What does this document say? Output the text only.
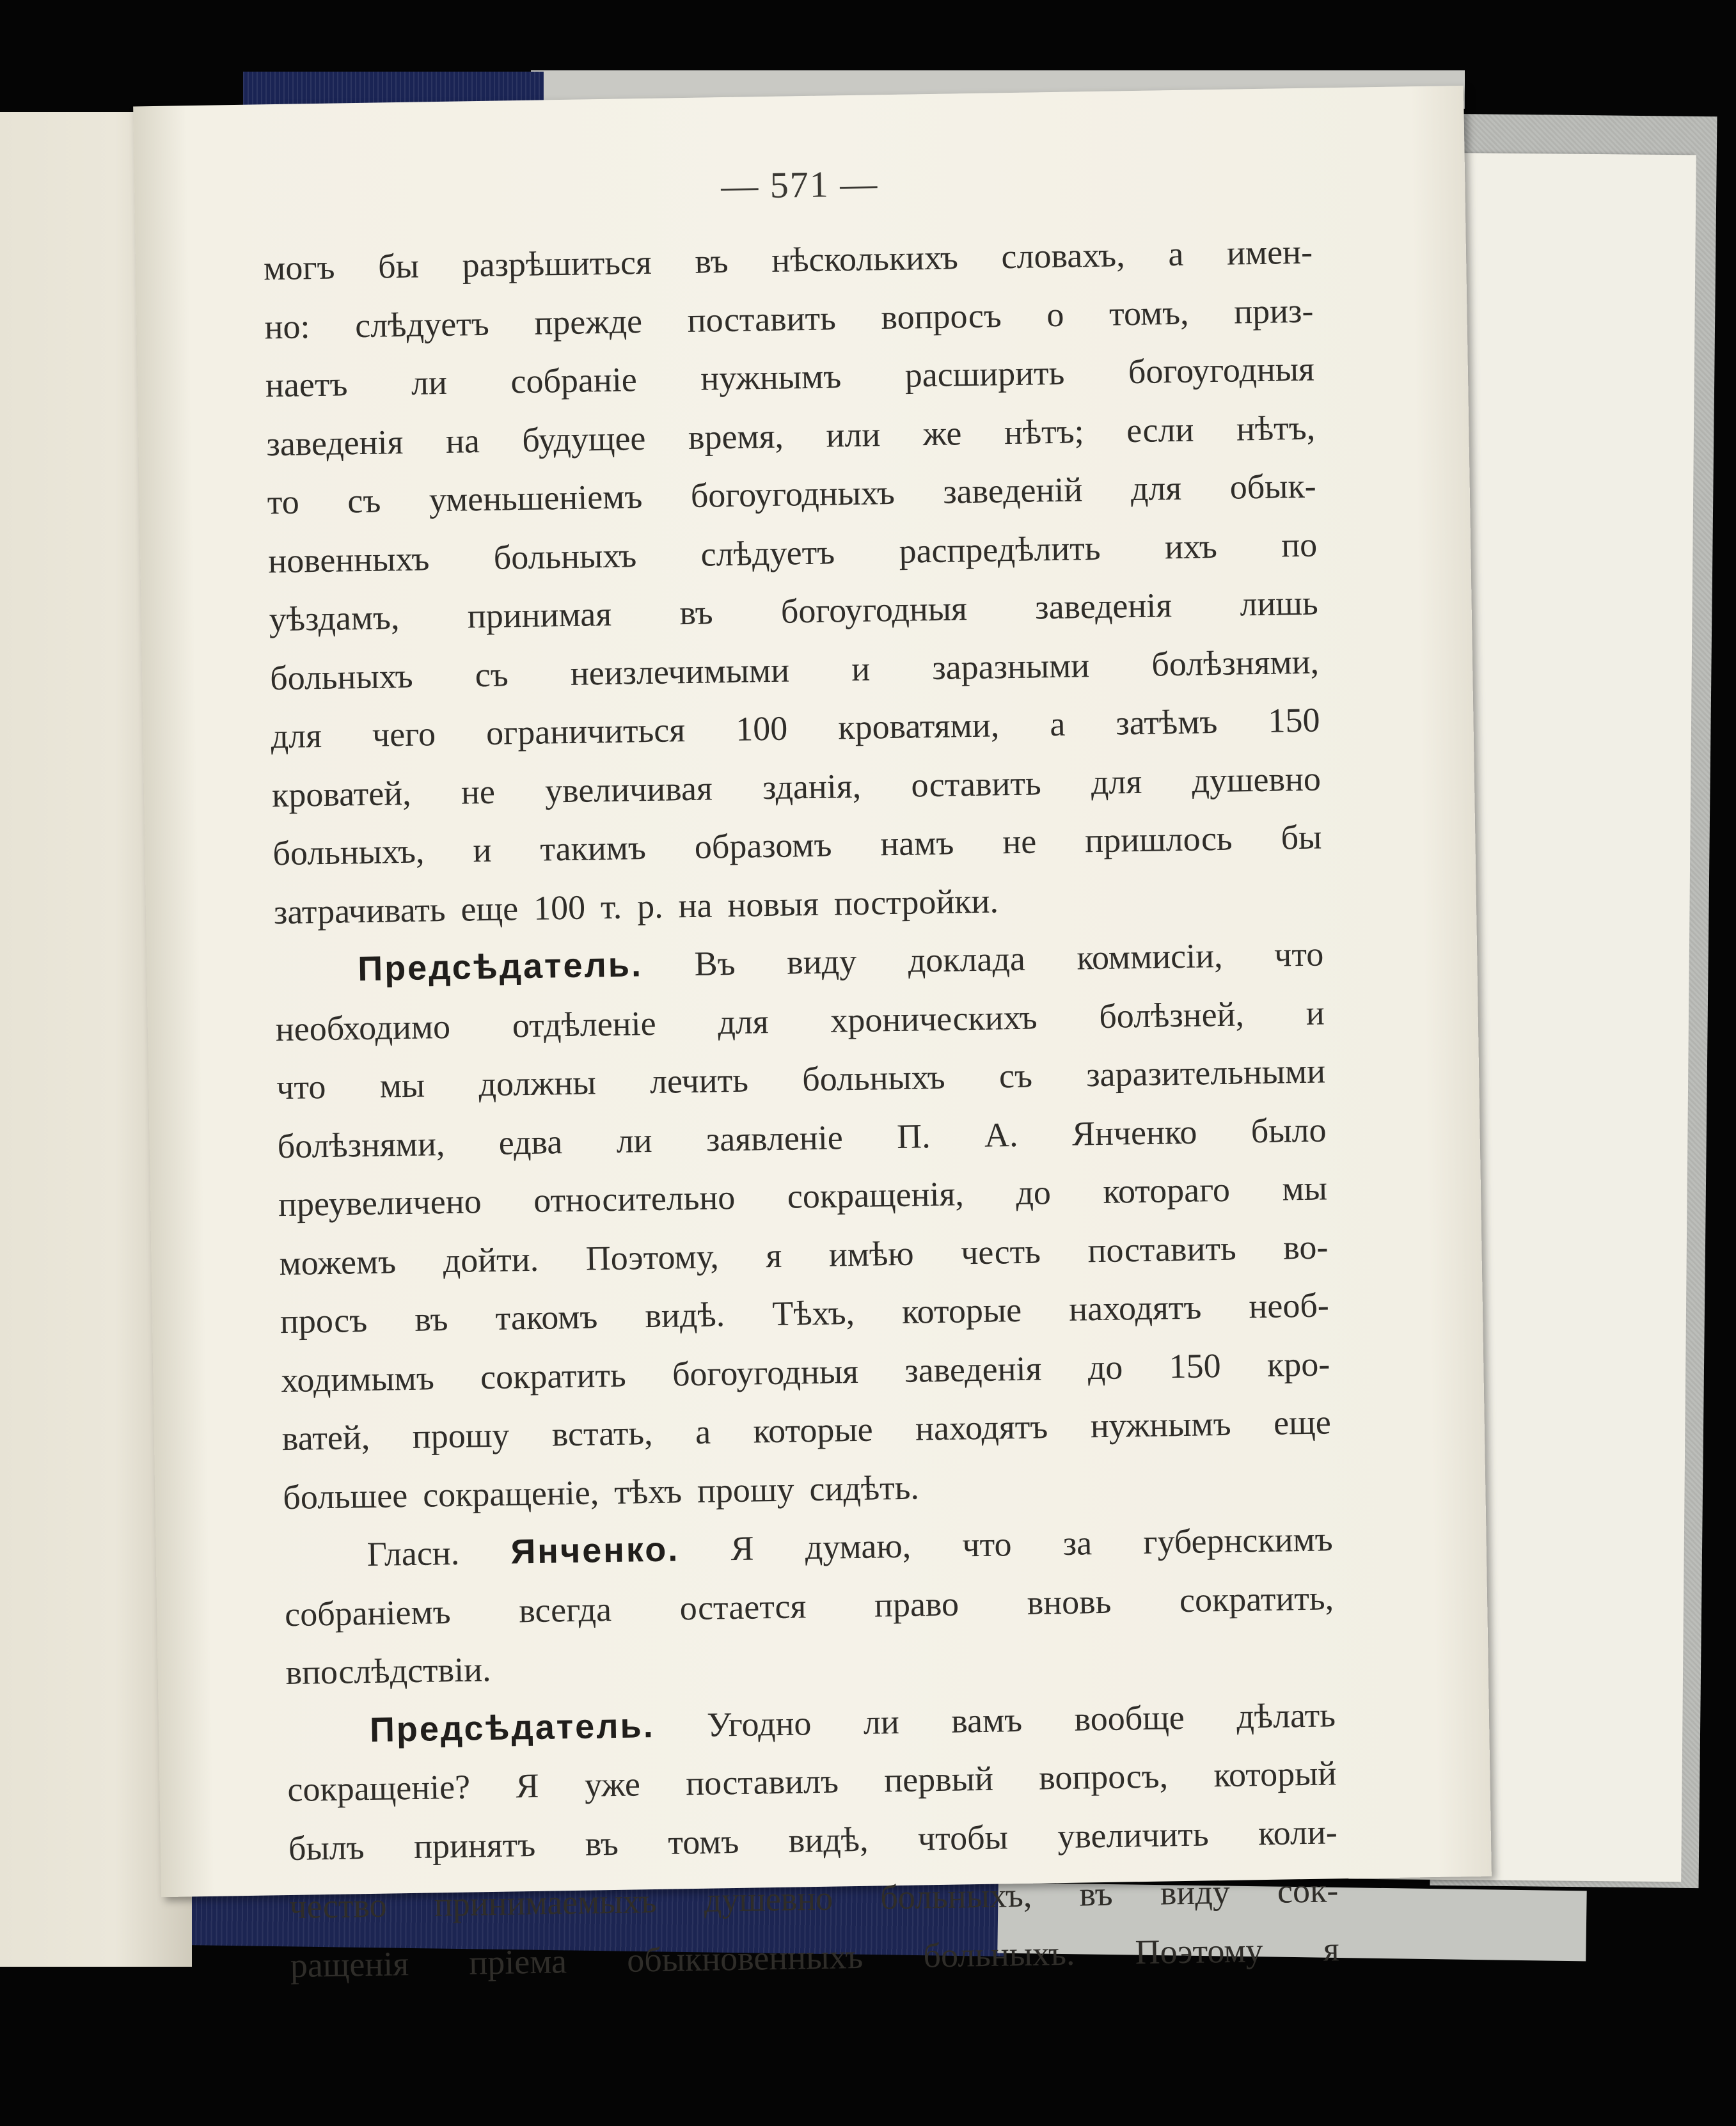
— 571 —
могъ бы разрѣшиться въ нѣсколькихъ словахъ, а имен-
но: слѣдуетъ прежде поставить вопросъ о томъ, приз-
наетъ ли собраніе нужнымъ расширить богоугодныя
заведенія на будущее время, или же нѣтъ; если нѣтъ,
то съ уменьшеніемъ богоугодныхъ заведеній для обык-
новенныхъ больныхъ слѣдуетъ распредѣлить ихъ по
уѣздамъ, принимая въ богоугодныя заведенія лишь
больныхъ съ неизлечимыми и заразными болѣзнями,
для чего ограничиться 100 кроватями, а затѣмъ 150
кроватей, не увеличивая зданія, оставить для душевно
больныхъ, и такимъ образомъ намъ не пришлось бы
затрачивать еще 100 т. р. на новыя постройки.
Предсѣдатель. Въ виду доклада коммисіи, что
необходимо отдѣленіе для хроническихъ болѣзней, и
что мы должны лечить больныхъ съ заразительными
болѣзнями, едва ли заявленіе П. А. Янченко было
преувеличено относительно сокращенія, до котораго мы
можемъ дойти. Поэтому, я имѣю честь поставить во-
просъ въ такомъ видѣ. Тѣхъ, которые находятъ необ-
ходимымъ сократить богоугодныя заведенія до 150 кро-
ватей, прошу встать, а которые находятъ нужнымъ еще
большее сокращеніе, тѣхъ прошу сидѣть.
Гласн. Янченко. Я думаю, что за губернскимъ
собраніемъ всегда остается право вновь сократить,
впослѣдствіи.
Предсѣдатель. Угодно ли вамъ вообще дѣлать
сокращеніе? Я уже поставилъ первый вопросъ, который
былъ принятъ въ томъ видѣ, чтобы увеличить коли-
чество принимаемыхъ душевно больныхъ, въ виду сок-
ращенія пріема обыкновенныхъ больныхъ. Поэтому я
